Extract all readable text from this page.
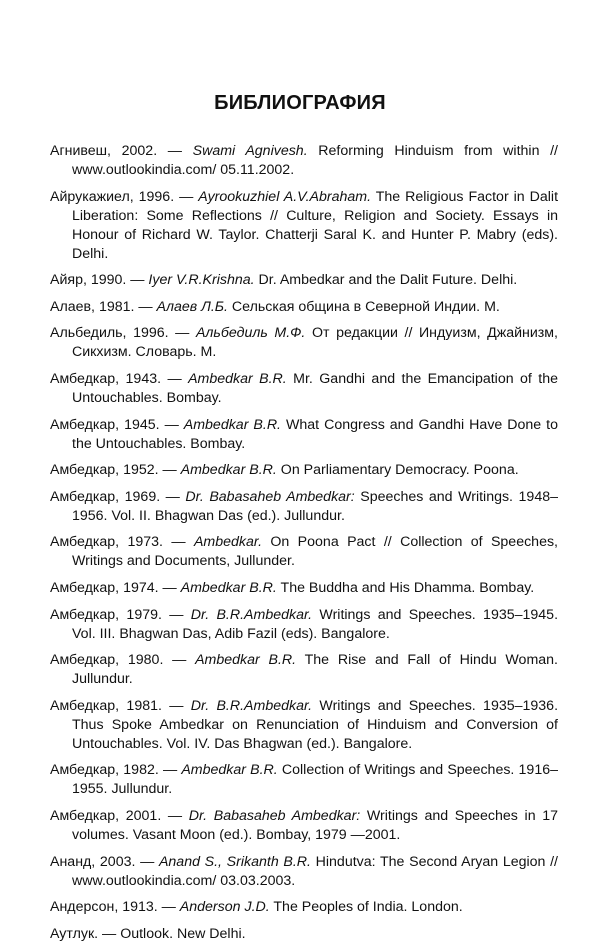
БИБЛИОГРАФИЯ
Агнивеш, 2002. — Swami Agnivesh. Reforming Hinduism from within // www.outlookindia.com/ 05.11.2002.
Айрукажиел, 1996. — Ayrookuzhiel A.V.Abraham. The Religious Factor in Dalit Liberation: Some Reflections // Culture, Religion and Society. Essays in Honour of Richard W. Taylor. Chatterji Saral K. and Hunter P. Mabry (eds). Delhi.
Айяр, 1990. — Iyer V.R.Krishna. Dr. Ambedkar and the Dalit Future. Delhi.
Алаев, 1981. — Алаев Л.Б. Сельская община в Северной Индии. М.
Альбедиль, 1996. — Альбедиль М.Ф. От редакции // Индуизм, Джайнизм, Сикхизм. Словарь. М.
Амбедкар, 1943. — Ambedkar B.R. Mr. Gandhi and the Emancipation of the Untouchables. Bombay.
Амбедкар, 1945. — Ambedkar B.R. What Congress and Gandhi Have Done to the Untouchables. Bombay.
Амбедкар, 1952. — Ambedkar B.R. On Parliamentary Democracy. Poona.
Амбедкар, 1969. — Dr. Babasaheb Ambedkar: Speeches and Writings. 1948–1956. Vol. II. Bhagwan Das (ed.). Jullundur.
Амбедкар, 1973. — Ambedkar. On Poona Pact // Collection of Speeches, Writings and Documents, Jullunder.
Амбедкар, 1974. — Ambedkar B.R. The Buddha and His Dhamma. Bombay.
Амбедкар, 1979. — Dr. B.R.Ambedkar. Writings and Speeches. 1935–1945. Vol. III. Bhagwan Das, Adib Fazil (eds). Bangalore.
Амбедкар, 1980. — Ambedkar B.R. The Rise and Fall of Hindu Woman. Jullundur.
Амбедкар, 1981. — Dr. B.R.Ambedkar. Writings and Speeches. 1935–1936. Thus Spoke Ambedkar on Renunciation of Hinduism and Conversion of Untouchables. Vol. IV. Das Bhagwan (ed.). Bangalore.
Амбедкар, 1982. — Ambedkar B.R. Collection of Writings and Speeches. 1916–1955. Jullundur.
Амбедкар, 2001. — Dr. Babasaheb Ambedkar: Writings and Speeches in 17 volumes. Vasant Moon (ed.). Bombay, 1979 —2001.
Ананд, 2003. — Anand S., Srikanth B.R. Hindutva: The Second Aryan Legion // www.outlookindia.com/ 03.03.2003.
Андерсон, 1913. — Anderson J.D. The Peoples of India. London.
Аутлук. — Outlook. New Delhi.
